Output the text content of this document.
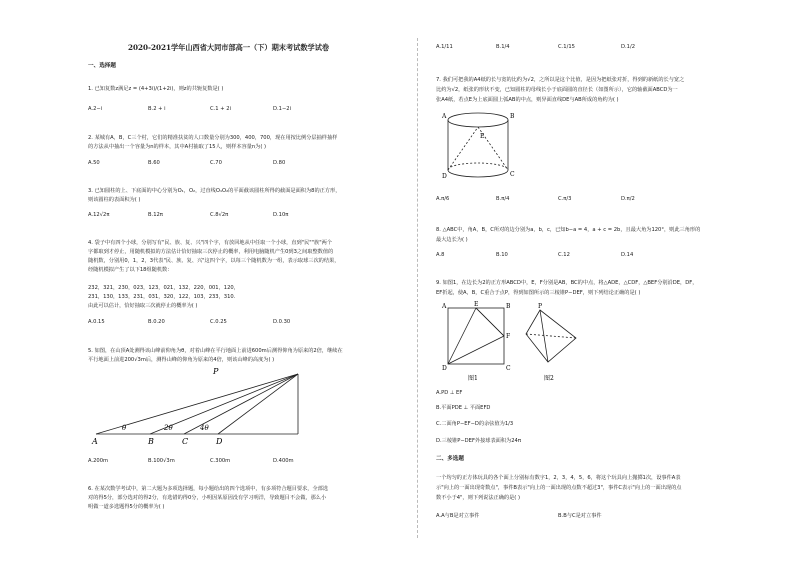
2020-2021学年山西省大同市部高一（下）期末考试数学试卷
一、选择题
1. 已知复数z满足z = (4+3i)/(1+2i)，则z的共轭复数是( )
A.2−i	B.2 + i	C.1 + 2i	D.1−2i
2. 某城有A，B，C三个村，它们的精准扶贫的人口数量分别为300，400，700，现在用按比例分层抽样抽样
的方法从中抽出一个容量为n的样本，其中A村抽取了15人，则样本容量n为( )
A.50	B.60	C.70	D.80
3. 已知圆柱的上、下底面的中心分别为O₁，O₂，过直线O₁O₂的平面截该圆柱所得的截面是面积为8的正方形，
则该圆柱的表面积为( )
A.12√2π	B.12π	C.8√2π	D.10π
4. 袋子中有四个小球，分别写有"民、族、复、兴"四个字，有放回地从中任取一个小球，直到"民""族"两个
字都取到才停止，用随机模拟的方法估计恰好抽取三次停止的概率，利用电脑随机产生0到3之间取整数值的
随机数，分别用0，1，2，3代表"民、族、复、兴"这四个字，以每三个随机数为一组，表示取球三次的结果，
经随机模拟产生了以下18组随机数：
232，321，230，023，123，021，132，220，001，120，
231，130，133，231，031，320，122，103，233，310.
由此可以估计，恰好抽取三次就停止的概率为( )
A.0.15	B.0.20	C.0.25	D.0.30
5. 如图，在山顶A处测得该山峰前仰角为θ，对着山峰在平行地面上前进600m后测得仰角为原来的2倍，继续在
平行地面上前进200√3m后，测得山峰的仰角为原来的4倍，则该山峰的高度为( )
P
A	B	C	D
θ	2θ	4θ
A.200m	B.100√3m	C.300m	D.400m
6. 在某次数学考试中，第二大题为多项选择题，每小题给出的四个选项中，有多项符合题目要求，全部选
对的得5分，部分选对的得2分，有选错的得0分，小明因某原因没有学习明洋，导致题目不会做，那么小
明做一道多选题得5分的概率为( )
A.1/11	B.1/4	C.1/15	D.1/2
7. 我们可把我的A4纸的长与宽的比约为√2，之所以是这个比值，是因为把纸张对折，得到的新纸的长与宽之
比约为√2，纸张的形状不变，已知圆柱的母线长小于底面圆的直径长（如图所示），它的轴截面ABCD为一
张A4纸，若点E为上底面圆上弧AB的中点，则异面直线DE与AB所成的角约为( )
A	B
C
D
E
A.π/6	B.π/4	C.π/3	D.π/2
8. △ABC中，角A，B，C所对的边分别为a，b，c，已知b−a = 4，a + c = 2b，且最大角为120°，则此三角形的
最大边长为( )
A.8	B.10	C.12	D.14
9. 如图1，在边长为2的正方形ABCD中，E，F分别是AB，BC的中点，将△ADE，△CDF，△BEF分别沿DE，DF，
EF折起，使A，B，C重合于点P，得到如图所示的三棱锥P−DEF，则下列结论正确的是( )
A	B
C
D
E
F
P
图1	图2
A.PD ⊥ EF
B.平面PDE ⊥ 平面EFD
C.二面角P−EF−D的余弦值为1/3
D.三棱锥P−DEF外接球表面积为24π
二、多选题
一个均匀的正方体玩具的各个面上分别标有数字1，2，3，4，5，6，将这个玩具向上抛掷1次，设事件A表
示"向上的一面出现奇数点"，事件B表示"向上的一面出现的点数不超过3"，事件C表示"向上的一面出现的点
数不小于4"，则下列说法正确的是( )
A.A与B是对立事件	B.B与C是对立事件
